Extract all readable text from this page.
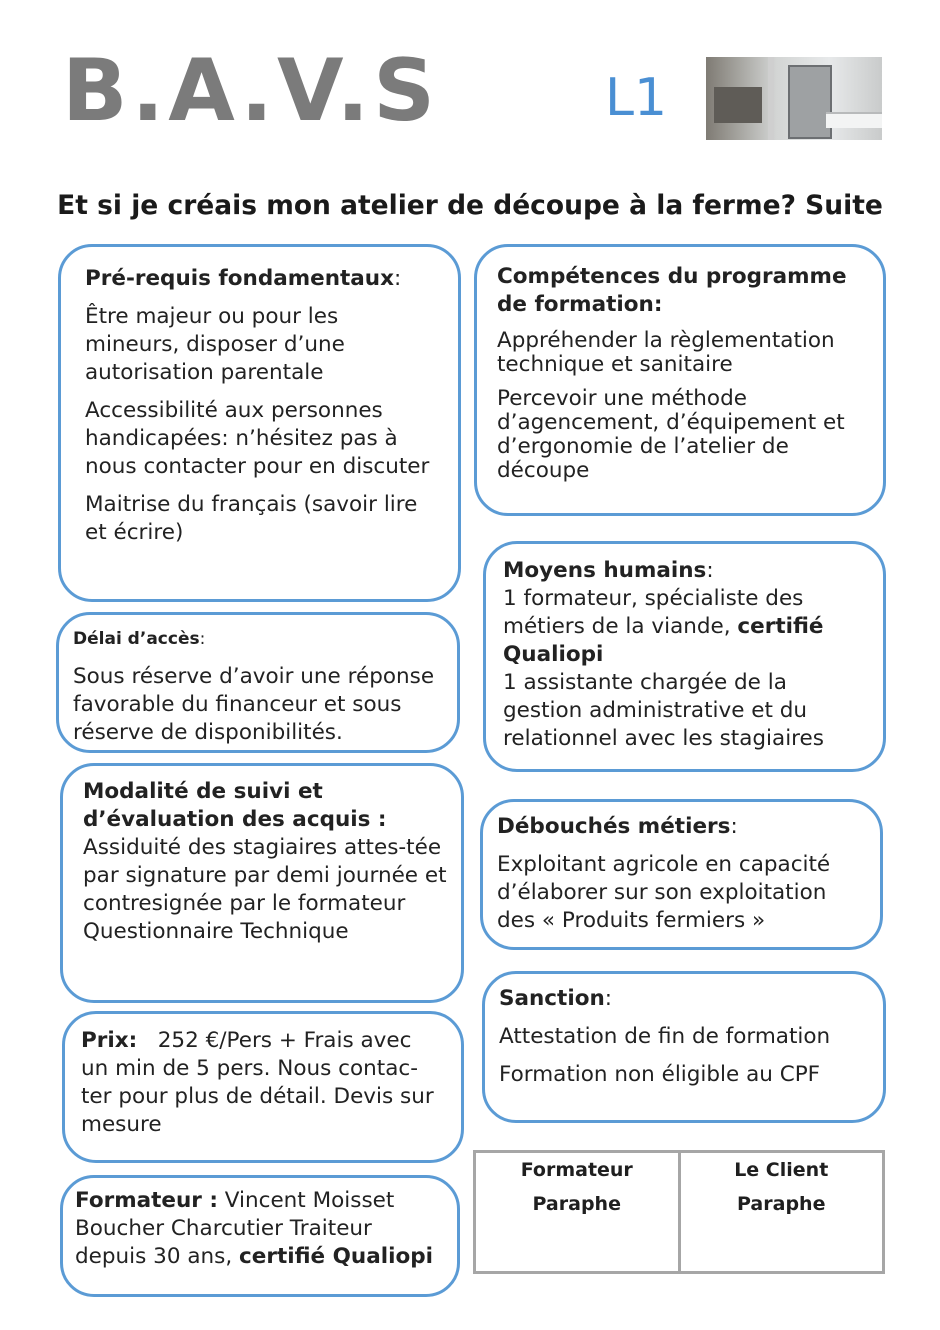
B.A.V.S	L1
Et si je créais mon atelier de découpe à la ferme? Suite

Pré-requis fondamentaux:

Être majeur ou pour les mineurs, disposer d’une autorisation parentale

Accessibilité aux personnes handicapées: n’hésitez pas à nous contacter pour en discuter

Maitrise du français (savoir lire et écrire)

Compétences du programme de formation:

Appréhender la règlementation technique et sanitaire

Percevoir une méthode d’agencement, d’équipement et d’ergonomie de l’atelier de découpe

Délai d’accès:

Sous réserve d’avoir une réponse favorable du financeur et sous réserve de disponibilités.

Moyens humains:

1 formateur, spécialiste des métiers de la viande, certifié Qualiopi

1 assistante chargée de la gestion administrative et du relationnel avec les stagiaires

Modalité de suivi et d’évaluation des acquis :

Assiduité des stagiaires attes-tée par signature par demi journée et contresignée par le formateur

Questionnaire Technique

Débouchés métiers:

Exploitant agricole en capacité d’élaborer sur son exploitation des « Produits fermiers »

Prix: 252 €/Pers + Frais avec un min de 5 pers. Nous contac-ter pour plus de détail. Devis sur mesure

Sanction:

Attestation de fin de formation

Formation non éligible au CPF

Formateur : Vincent Moisset

Boucher Charcutier Traiteur depuis 30 ans, certifié Qualiopi

Formateur
Paraphe
Le Client
Paraphe
